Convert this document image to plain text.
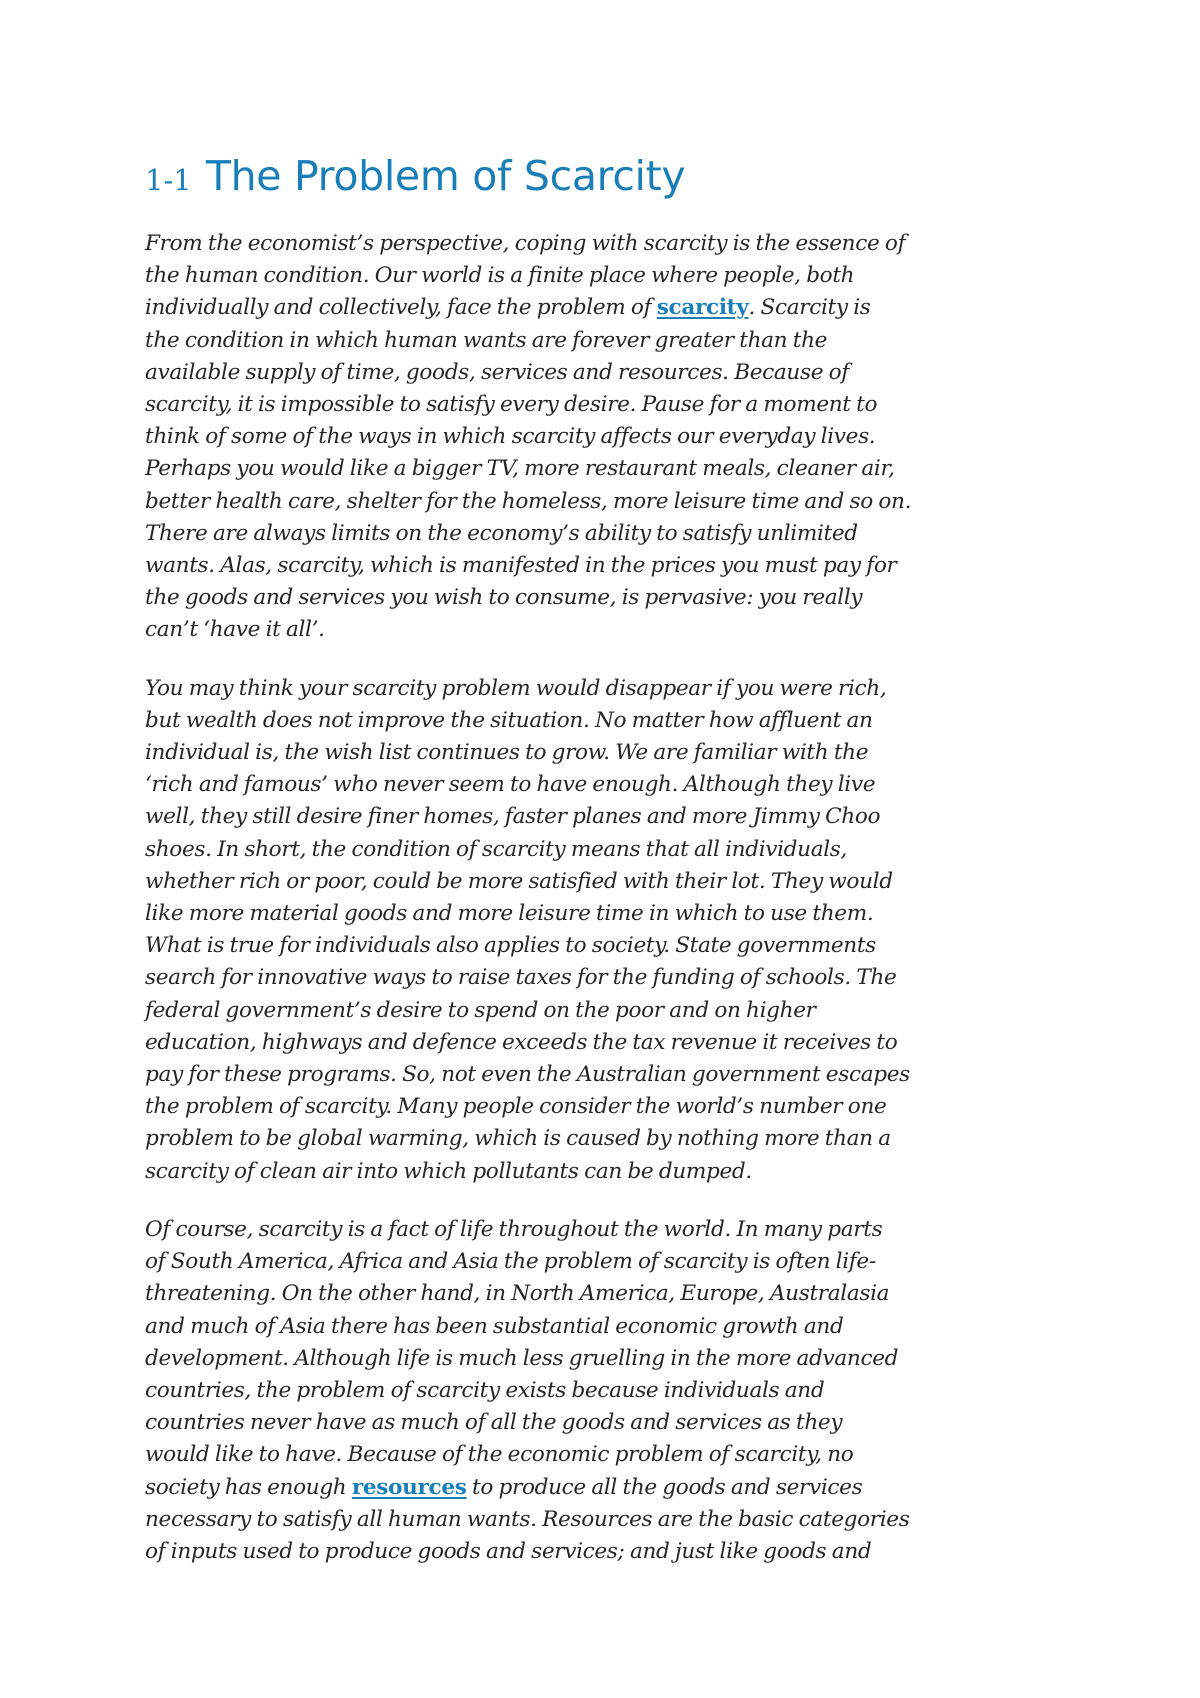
1-1 The Problem of Scarcity

From the economist’s perspective, coping with scarcity is the essence of
the human condition. Our world is a finite place where people, both
individually and collectively, face the problem of scarcity. Scarcity is
the condition in which human wants are forever greater than the
available supply of time, goods, services and resources. Because of
scarcity, it is impossible to satisfy every desire. Pause for a moment to
think of some of the ways in which scarcity affects our everyday lives.
Perhaps you would like a bigger TV, more restaurant meals, cleaner air,
better health care, shelter for the homeless, more leisure time and so on.
There are always limits on the economy’s ability to satisfy unlimited
wants. Alas, scarcity, which is manifested in the prices you must pay for
the goods and services you wish to consume, is pervasive: you really
can’t ‘have it all’.

You may think your scarcity problem would disappear if you were rich,
but wealth does not improve the situation. No matter how affluent an
individual is, the wish list continues to grow. We are familiar with the
‘rich and famous’ who never seem to have enough. Although they live
well, they still desire finer homes, faster planes and more Jimmy Choo
shoes. In short, the condition of scarcity means that all individuals,
whether rich or poor, could be more satisfied with their lot. They would
like more material goods and more leisure time in which to use them.
What is true for individuals also applies to society. State governments
search for innovative ways to raise taxes for the funding of schools. The
federal government’s desire to spend on the poor and on higher
education, highways and defence exceeds the tax revenue it receives to
pay for these programs. So, not even the Australian government escapes
the problem of scarcity. Many people consider the world’s number one
problem to be global warming, which is caused by nothing more than a
scarcity of clean air into which pollutants can be dumped.

Of course, scarcity is a fact of life throughout the world. In many parts
of South America, Africa and Asia the problem of scarcity is often life-
threatening. On the other hand, in North America, Europe, Australasia
and much of Asia there has been substantial economic growth and
development. Although life is much less gruelling in the more advanced
countries, the problem of scarcity exists because individuals and
countries never have as much of all the goods and services as they
would like to have. Because of the economic problem of scarcity, no
society has enough resources to produce all the goods and services
necessary to satisfy all human wants. Resources are the basic categories
of inputs used to produce goods and services; and just like goods and
